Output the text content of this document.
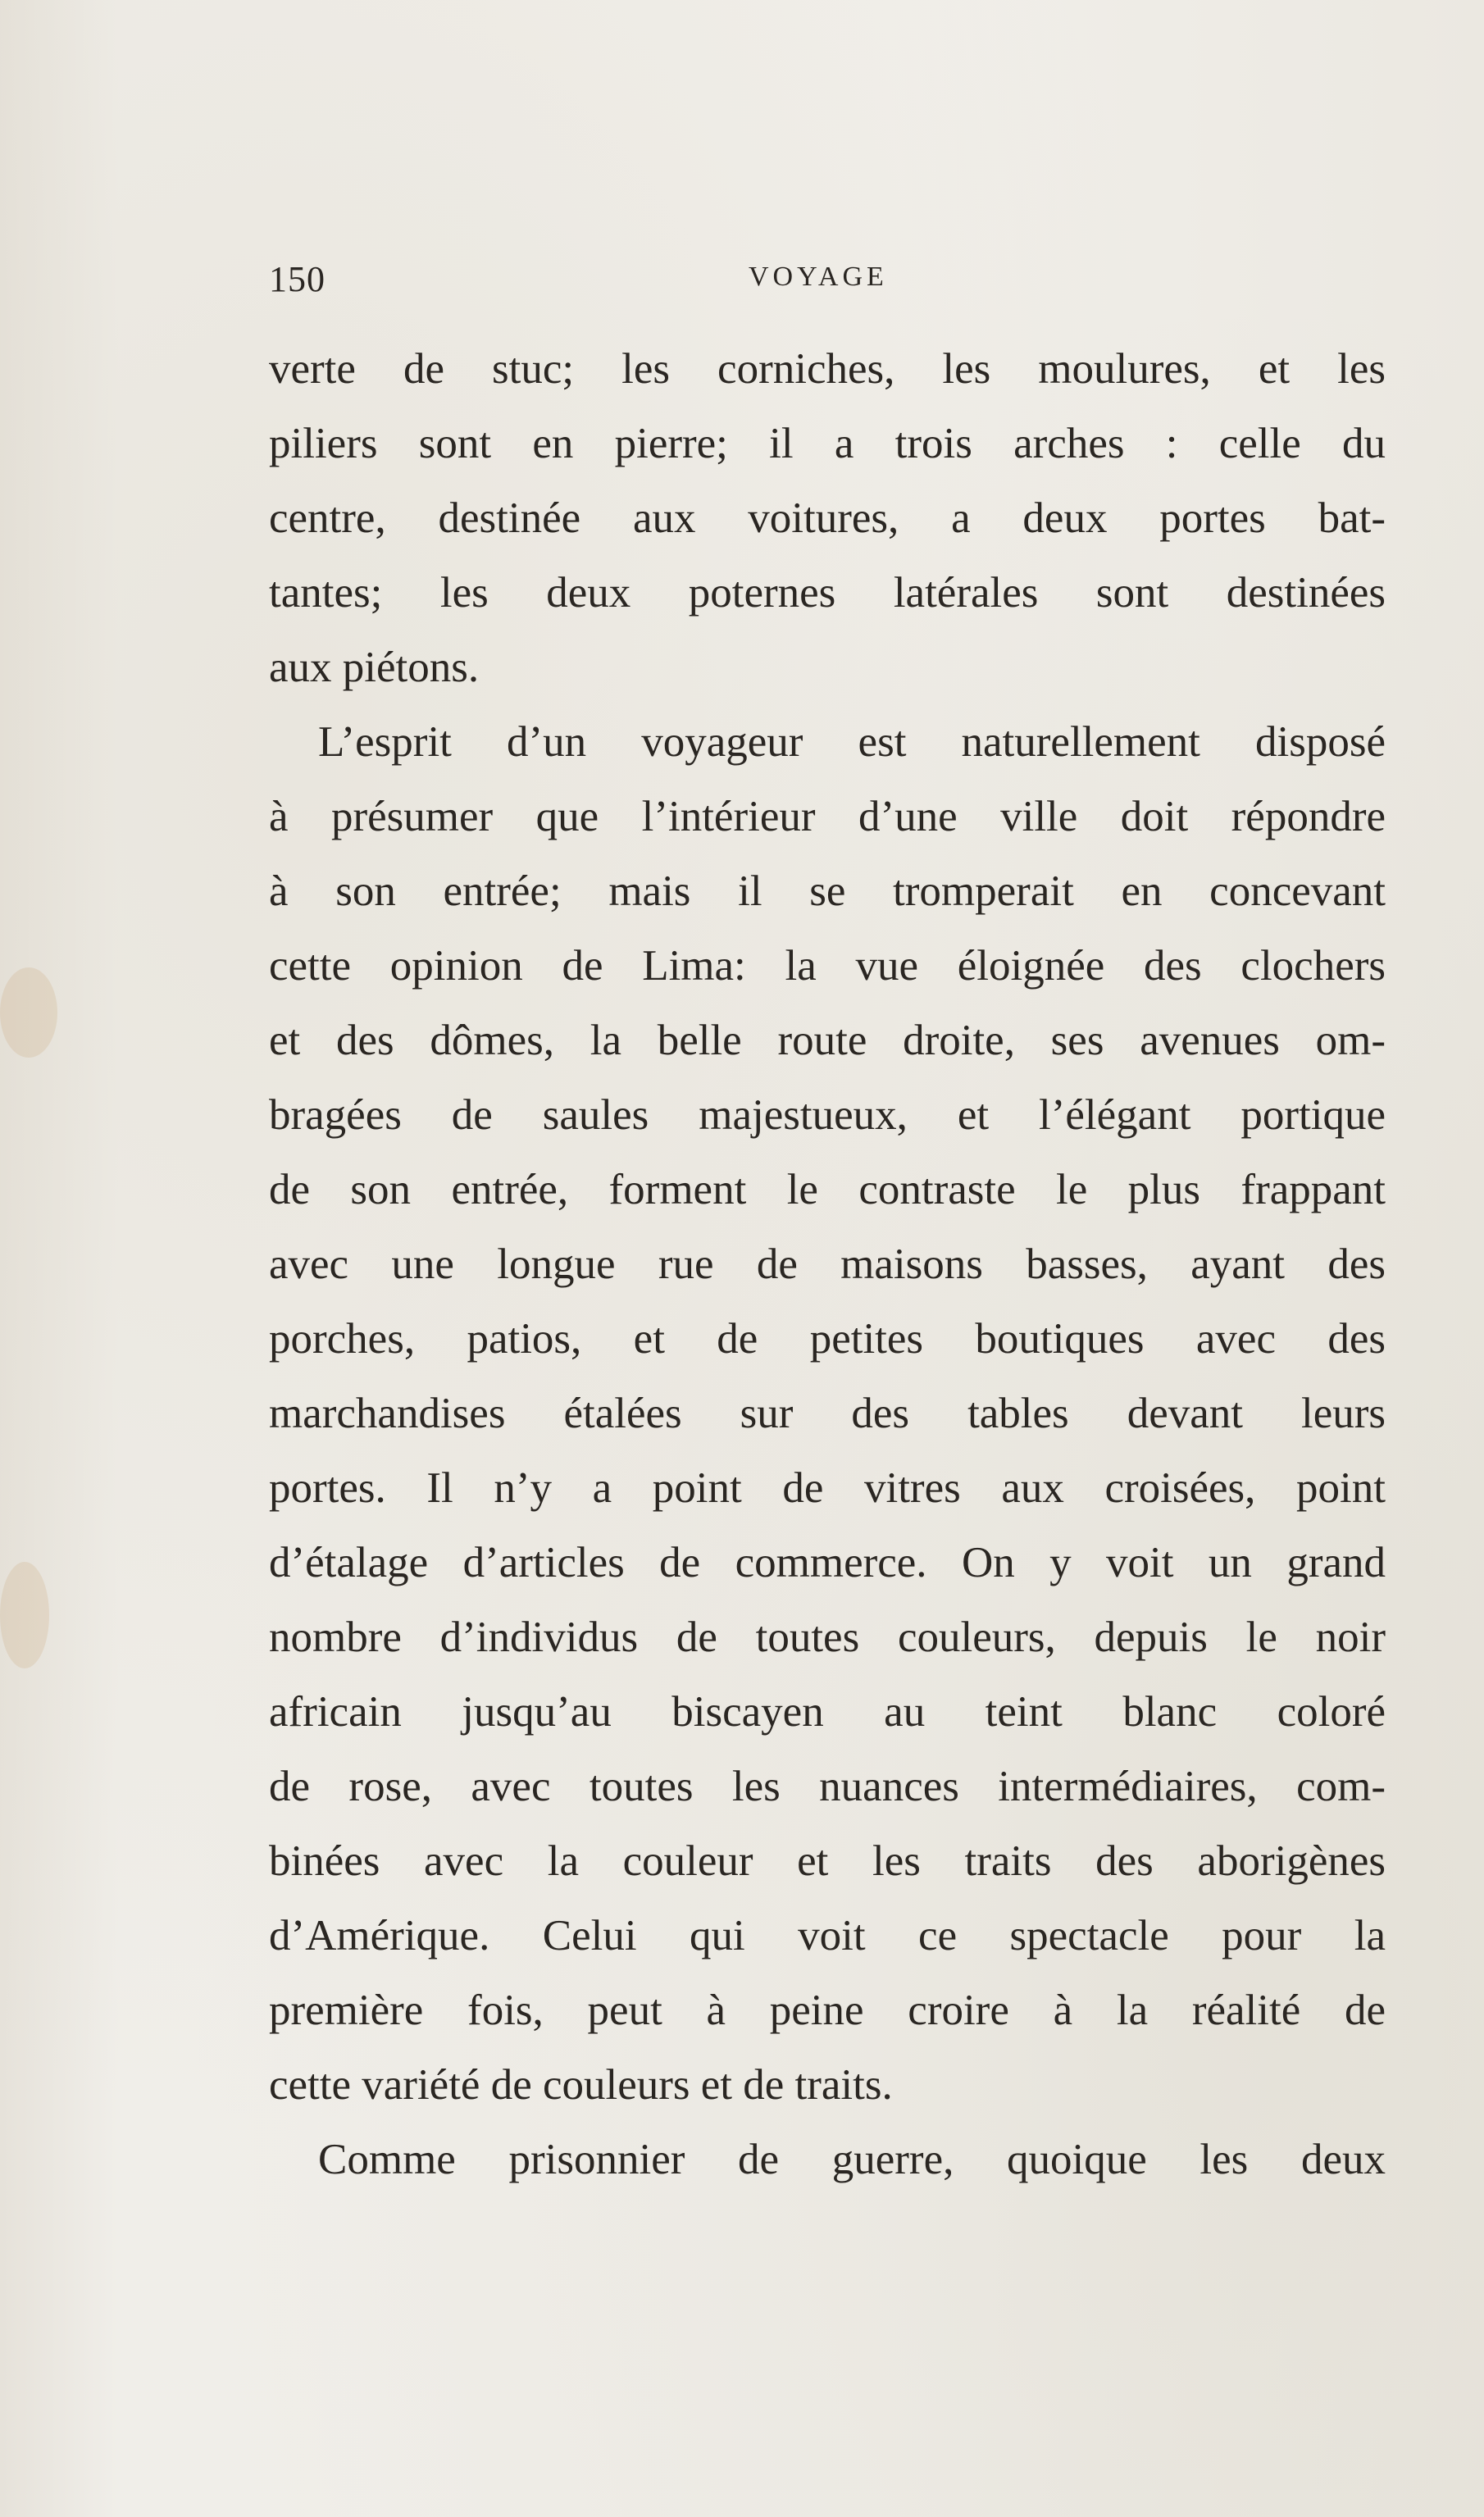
150	VOYAGE
verte de stuc; les corniches, les moulures, et les
piliers sont en pierre; il a trois arches : celle du
centre, destinée aux voitures, a deux portes bat-
tantes; les deux poternes latérales sont destinées
aux piétons.
L’esprit d’un voyageur est naturellement disposé
à présumer que l’intérieur d’une ville doit répondre
à son entrée; mais il se tromperait en concevant
cette opinion de Lima: la vue éloignée des clochers
et des dômes, la belle route droite, ses avenues om-
bragées de saules majestueux, et l’élégant portique
de son entrée, forment le contraste le plus frappant
avec une longue rue de maisons basses, ayant des
porches, patios, et de petites boutiques avec des
marchandises étalées sur des tables devant leurs
portes. Il n’y a point de vitres aux croisées, point
d’étalage d’articles de commerce. On y voit un grand
nombre d’individus de toutes couleurs, depuis le noir
africain jusqu’au biscayen au teint blanc coloré
de rose, avec toutes les nuances intermédiaires, com-
binées avec la couleur et les traits des aborigènes
d’Amérique. Celui qui voit ce spectacle pour la
première fois, peut à peine croire à la réalité de
cette variété de couleurs et de traits.
Comme prisonnier de guerre, quoique les deux
